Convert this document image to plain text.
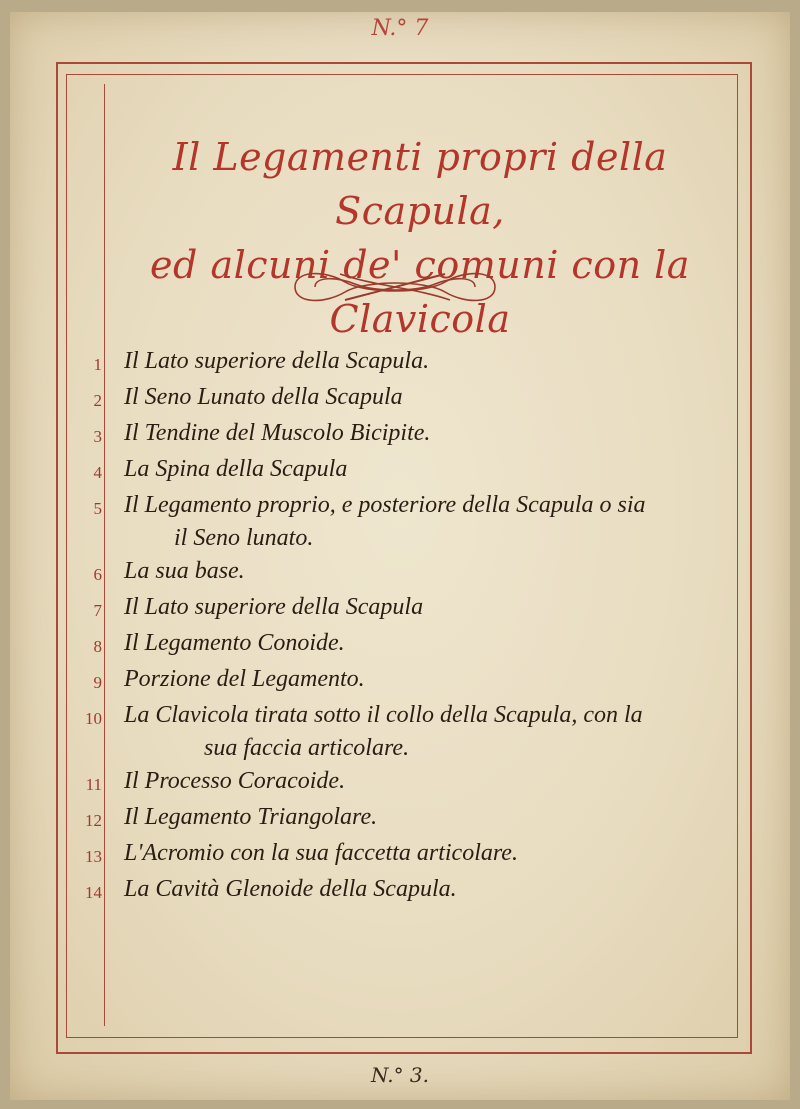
N.° 7
Il Legamenti propri della Scapula,
ed alcuni de' comuni con la Clavicola
1 Il Lato superiore della Scapula.
2 Il Seno Lunato della Scapula
3 Il Tendine del Muscolo Bicipite.
4 La Spina della Scapula
5 Il Legamento proprio, e posteriore della Scapula o sia
il Seno lunato.
6 La sua base.
7 Il Lato superiore della Scapula
8 Il Legamento Conoide.
9 Porzione del Legamento.
10 La Clavicola tirata sotto il collo della Scapula, con la
sua faccia articolare.
11 Il Processo Coracoide.
12 Il Legamento Triangolare.
13 L'Acromio con la sua faccetta articolare.
14 La Cavità Glenoide della Scapula.
N.° 3.
